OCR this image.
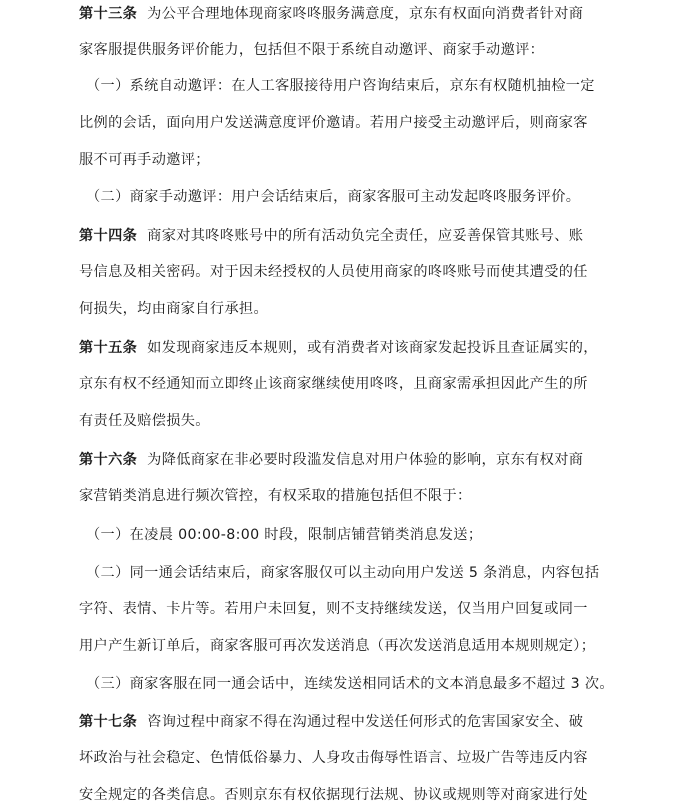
第十三条 为公平合理地体现商家咚咚服务满意度，京东有权面向消费者针对商
家客服提供服务评价能力，包括但不限于系统自动邀评、商家手动邀评：
（一）系统自动邀评：在人工客服接待用户咨询结束后，京东有权随机抽检一定
比例的会话，面向用户发送满意度评价邀请。若用户接受主动邀评后，则商家客
服不可再手动邀评；
（二）商家手动邀评：用户会话结束后，商家客服可主动发起咚咚服务评价。
第十四条 商家对其咚咚账号中的所有活动负完全责任，应妥善保管其账号、账
号信息及相关密码。对于因未经授权的人员使用商家的咚咚账号而使其遭受的任
何损失，均由商家自行承担。
第十五条 如发现商家违反本规则，或有消费者对该商家发起投诉且查证属实的，
京东有权不经通知而立即终止该商家继续使用咚咚，且商家需承担因此产生的所
有责任及赔偿损失。
第十六条 为降低商家在非必要时段滥发信息对用户体验的影响，京东有权对商
家营销类消息进行频次管控，有权采取的措施包括但不限于：
（一）在凌晨 00:00-8:00 时段，限制店铺营销类消息发送；
（二）同一通会话结束后，商家客服仅可以主动向用户发送 5 条消息，内容包括
字符、表情、卡片等。若用户未回复，则不支持继续发送，仅当用户回复或同一
用户产生新订单后，商家客服可再次发送消息（再次发送消息适用本规则规定）；
（三）商家客服在同一通会话中，连续发送相同话术的文本消息最多不超过 3 次。
第十七条 咨询过程中商家不得在沟通过程中发送任何形式的危害国家安全、破
坏政治与社会稳定、色情低俗暴力、人身攻击侮辱性语言、垃圾广告等违反内容
安全规定的各类信息。否则京东有权依据现行法规、协议或规则等对商家进行处
